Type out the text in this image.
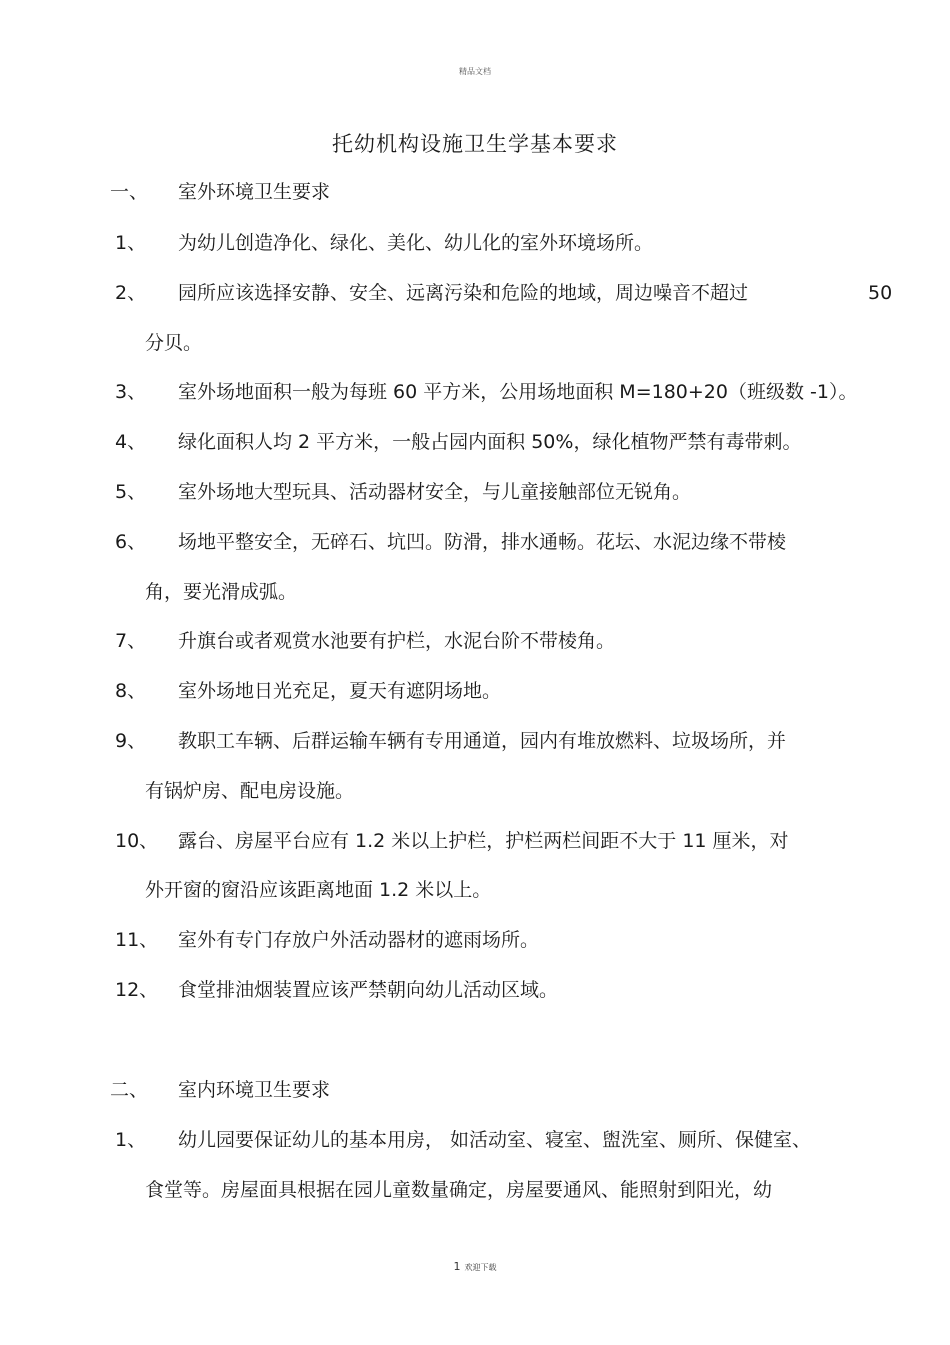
精品文档
托幼机构设施卫生学基本要求
一、 室外环境卫生要求
1、 为幼儿创造净化、绿化、美化、幼儿化的室外环境场所。
2、 园所应该选择安静、安全、远离污染和危险的地域，周边噪音不超过	50
分贝。
3、 室外场地面积一般为每班 60 平方米，公用场地面积 M=180+20（班级数 -1）。
4、 绿化面积人均 2 平方米，一般占园内面积 50%，绿化植物严禁有毒带刺。
5、 室外场地大型玩具、活动器材安全，与儿童接触部位无锐角。
6、 场地平整安全，无碎石、坑凹。防滑，排水通畅。花坛、水泥边缘不带棱
角，要光滑成弧。
7、 升旗台或者观赏水池要有护栏，水泥台阶不带棱角。
8、 室外场地日光充足，夏天有遮阴场地。
9、 教职工车辆、后群运输车辆有专用通道，园内有堆放燃料、垃圾场所，并
有锅炉房、配电房设施。
10、 露台、房屋平台应有 1.2 米以上护栏，护栏两栏间距不大于 11 厘米，对
外开窗的窗沿应该距离地面 1.2 米以上。
11、 室外有专门存放户外活动器材的遮雨场所。
12、 食堂排油烟装置应该严禁朝向幼儿活动区域。
二、 室内环境卫生要求
1、 幼儿园要保证幼儿的基本用房， 如活动室、寝室、盥洗室、厕所、保健室、
食堂等。房屋面具根据在园儿童数量确定，房屋要通风、能照射到阳光，幼
1 欢迎下载
